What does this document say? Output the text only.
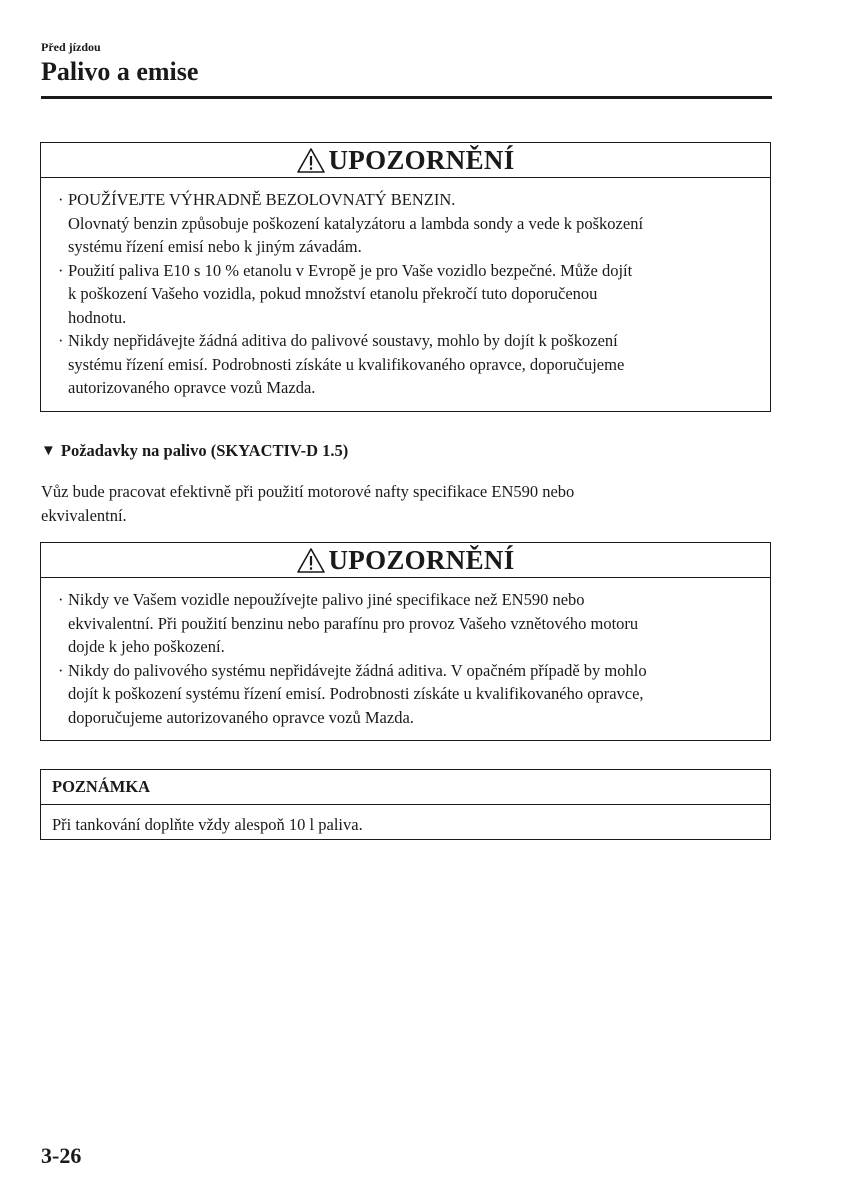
Před jízdou
Palivo a emise
UPOZORNĚNÍ
· POUŽÍVEJTE VÝHRADNĚ BEZOLOVNATÝ BENZIN.
Olovnatý benzin způsobuje poškození katalyzátoru a lambda sondy a vede k poškození
systému řízení emisí nebo k jiným závadám.
· Použití paliva E10 s 10 % etanolu v Evropě je pro Vaše vozidlo bezpečné. Může dojít
k poškození Vašeho vozidla, pokud množství etanolu překročí tuto doporučenou
hodnotu.
· Nikdy nepřidávejte žádná aditiva do palivové soustavy, mohlo by dojít k poškození
systému řízení emisí. Podrobnosti získáte u kvalifikovaného opravce, doporučujeme
autorizovaného opravce vozů Mazda.
▼ Požadavky na palivo (SKYACTIV-D 1.5)
Vůz bude pracovat efektivně při použití motorové nafty specifikace EN590 nebo
ekvivalentní.
UPOZORNĚNÍ
· Nikdy ve Vašem vozidle nepoužívejte palivo jiné specifikace než EN590 nebo
ekvivalentní. Při použití benzinu nebo parafínu pro provoz Vašeho vznětového motoru
dojde k jeho poškození.
· Nikdy do palivového systému nepřidávejte žádná aditiva. V opačném případě by mohlo
dojít k poškození systému řízení emisí. Podrobnosti získáte u kvalifikovaného opravce,
doporučujeme autorizovaného opravce vozů Mazda.
POZNÁMKA
Při tankování doplňte vždy alespoň 10 l paliva.
3-26
